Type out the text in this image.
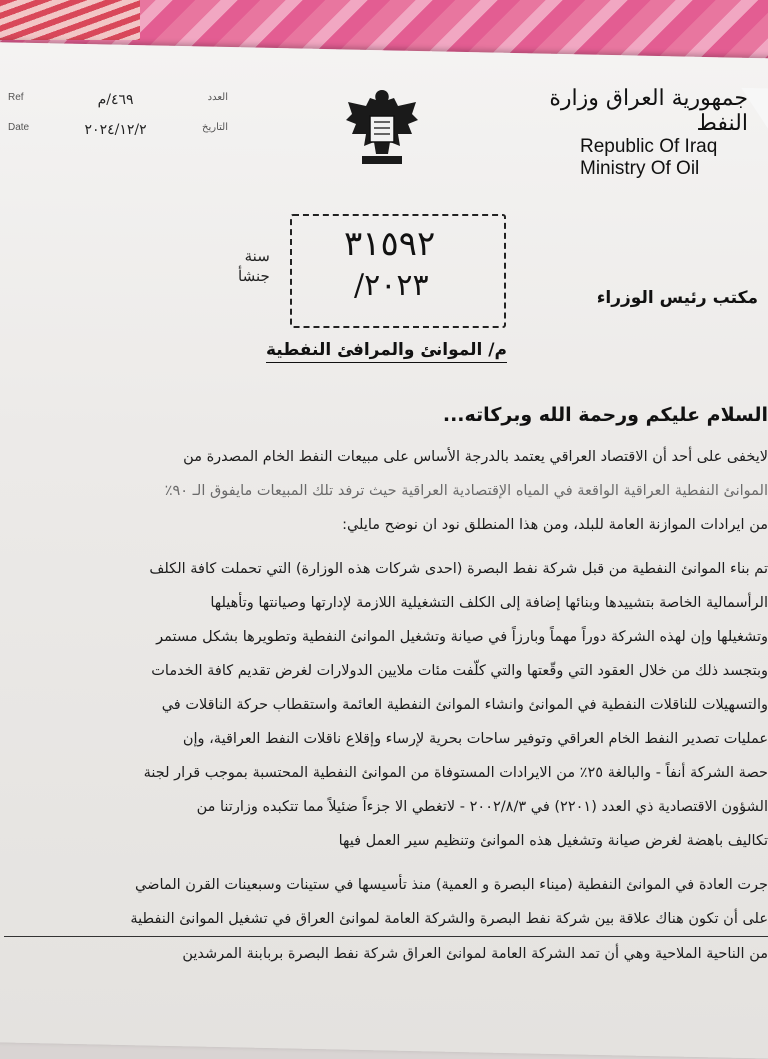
Ref	٤٦٩/م	العدد
Date	٢٠٢٤/١٢/٢	التاريخ
جمهورية العراق وزارة النفط
Republic Of Iraq
Ministry Of Oil
سنة
جنشأ
٣١٥٩٢
٢٠٢٣/	مكتب رئيس الوزراء
م/ الموانئ والمرافئ النفطية
السلام عليكم ورحمة الله وبركاته...

لايخفى على أحد أن الاقتصاد العراقي يعتمد بالدرجة الأساس على مبيعات النفط الخام المصدرة من

الموانئ النفطية العراقية الواقعة في المياه الإقتصادية العراقية حيث ترفد تلك المبيعات مايفوق الـ ٩٠٪

من ايرادات الموازنة العامة للبلد، ومن هذا المنطلق نود ان نوضح مايلي:

تم بناء الموانئ النفطية من قبل شركة نفط البصرة (احدى شركات هذه الوزارة) التي تحملت كافة الكلف

الرأسمالية الخاصة بتشييدها وبنائها إضافة إلى الكلف التشغيلية اللازمة لإدارتها وصيانتها وتأهيلها

وتشغيلها وإن لهذه الشركة دوراً مهماً وبارزاً في صيانة وتشغيل الموانئ النفطية وتطويرها بشكل مستمر

وبتجسد ذلك من خلال العقود التي وقّعتها والتي كلّفت مئات ملايين الدولارات لغرض تقديم كافة الخدمات

والتسهيلات للناقلات النفطية في الموانئ وانشاء الموانئ النفطية العائمة واستقطاب حركة الناقلات في

عمليات تصدير النفط الخام العراقي وتوفير ساحات بحرية لإرساء وإقلاع ناقلات النفط العراقية، وإن

حصة الشركة أنفاً - والبالغة ٢٥٪ من الايرادات المستوفاة من الموانئ النفطية المحتسبة بموجب قرار لجنة

الشؤون الاقتصادية ذي العدد (٢٢٠١) في ٢٠٠٢/٨/٣ - لاتغطي الا جزءاً ضئيلاً مما تتكبده وزارتنا من

تكاليف باهضة لغرض صيانة وتشغيل هذه الموانئ وتنظيم سير العمل فيها

جرت العادة في الموانئ النفطية (ميناء البصرة و العمية) منذ تأسيسها في ستينات وسبعينات القرن الماضي

على أن تكون هناك علاقة بين شركة نفط البصرة والشركة العامة لموانئ العراق في تشغيل الموانئ النفطية

من الناحية الملاحية وهي أن تمد الشركة العامة لموانئ العراق شركة نفط البصرة بربابنة المرشدين
